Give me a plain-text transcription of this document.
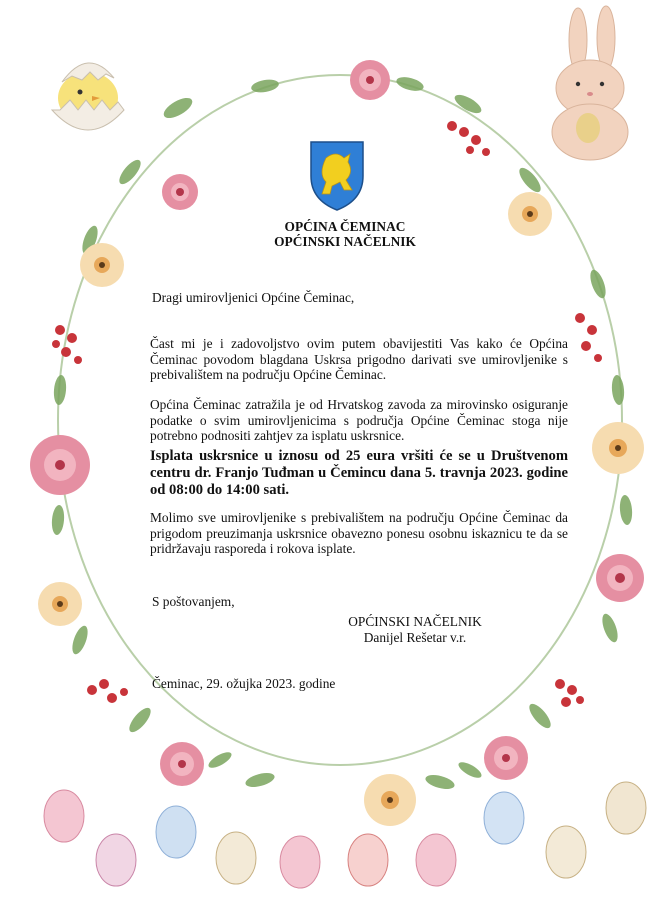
OPĆINA ČEMINAC
OPĆINSKI NAČELNIK
Dragi umirovljenici Općine Čeminac,
Čast mi je i zadovoljstvo ovim putem obavijestiti Vas kako će Općina Čeminac povodom blagdana Uskrsa prigodno darivati sve umirovljenike s prebivalištem na području Općine Čeminac.
Općina Čeminac zatražila je od Hrvatskog zavoda za mirovinsko osiguranje podatke o svim umirovljenicima s područja Općine Čeminac stoga nije potrebno podnositi zahtjev za isplatu uskrsnice.
Isplata uskrsnice u iznosu od 25 eura vršiti će se u Društvenom centru dr. Franjo Tuđman u Čemincu dana 5. travnja 2023. godine od 08:00 do 14:00 sati.
Molimo sve umirovljenike s prebivalištem na području Općine Čeminac da prigodom preuzimanja uskrsnice obavezno ponesu osobnu iskaznicu te da se pridržavaju rasporeda i rokova isplate.
S poštovanjem,
OPĆINSKI NAČELNIK
Danijel Rešetar v.r.
Čeminac, 29. ožujka 2023. godine
